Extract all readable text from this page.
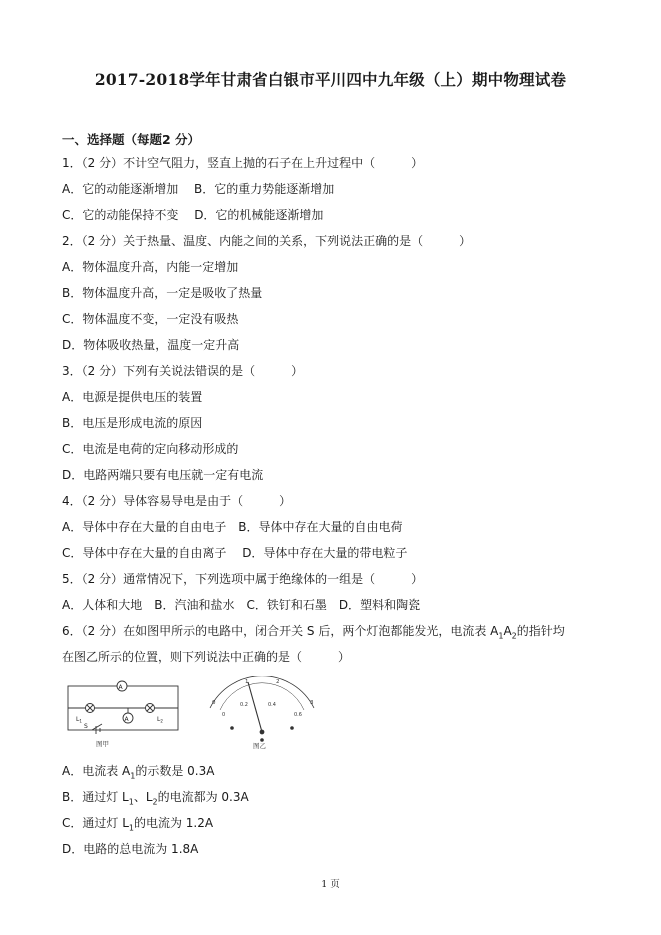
2017-2018学年甘肃省白银市平川四中九年级（上）期中物理试卷
一、选择题（每题2 分）
1．（2 分）不计空气阻力，竖直上抛的石子在上升过程中（　　　）
A．它的动能逐渐增加　 B．它的重力势能逐渐增加
C．它的动能保持不变　 D．它的机械能逐渐增加
2．（2 分）关于热量、温度、内能之间的关系，下列说法正确的是（　　　）
A．物体温度升高，内能一定增加
B．物体温度升高，一定是吸收了热量
C．物体温度不变，一定没有吸热
D．物体吸收热量，温度一定升高
3．（2 分）下列有关说法错误的是（　　　）
A．电源是提供电压的装置
B．电压是形成电流的原因
C．电流是电荷的定向移动形成的
D．电路两端只要有电压就一定有电流
4．（2 分）导体容易导电是由于（　　　）
A．导体中存在大量的自由电子　B．导体中存在大量的自由电荷
C．导体中存在大量的自由离子　 D．导体中存在大量的带电粒子
5．（2 分）通常情况下，下列选项中属于绝缘体的一组是（　　　）
A．人体和大地　B．汽油和盐水　C．铁钉和石墨　D．塑料和陶瓷
6．（2 分）在如图甲所示的电路中，闭合开关 S 后，两个灯泡都能发光，电流表 $A_1A_2$的指针均
在图乙所示的位置，则下列说法中正确的是（　　　）
A
A
$L_1$	$L_2$
S
图甲
0	3
1	2
0
0.2	0.4
0.6
图乙
A．电流表 $A_1$的示数是 0.3A
B．通过灯 $L_1$、$L_2$的电流都为 0.3A
C．通过灯 $L_1$的电流为 1.2A
D．电路的总电流为 1.8A
1 页
